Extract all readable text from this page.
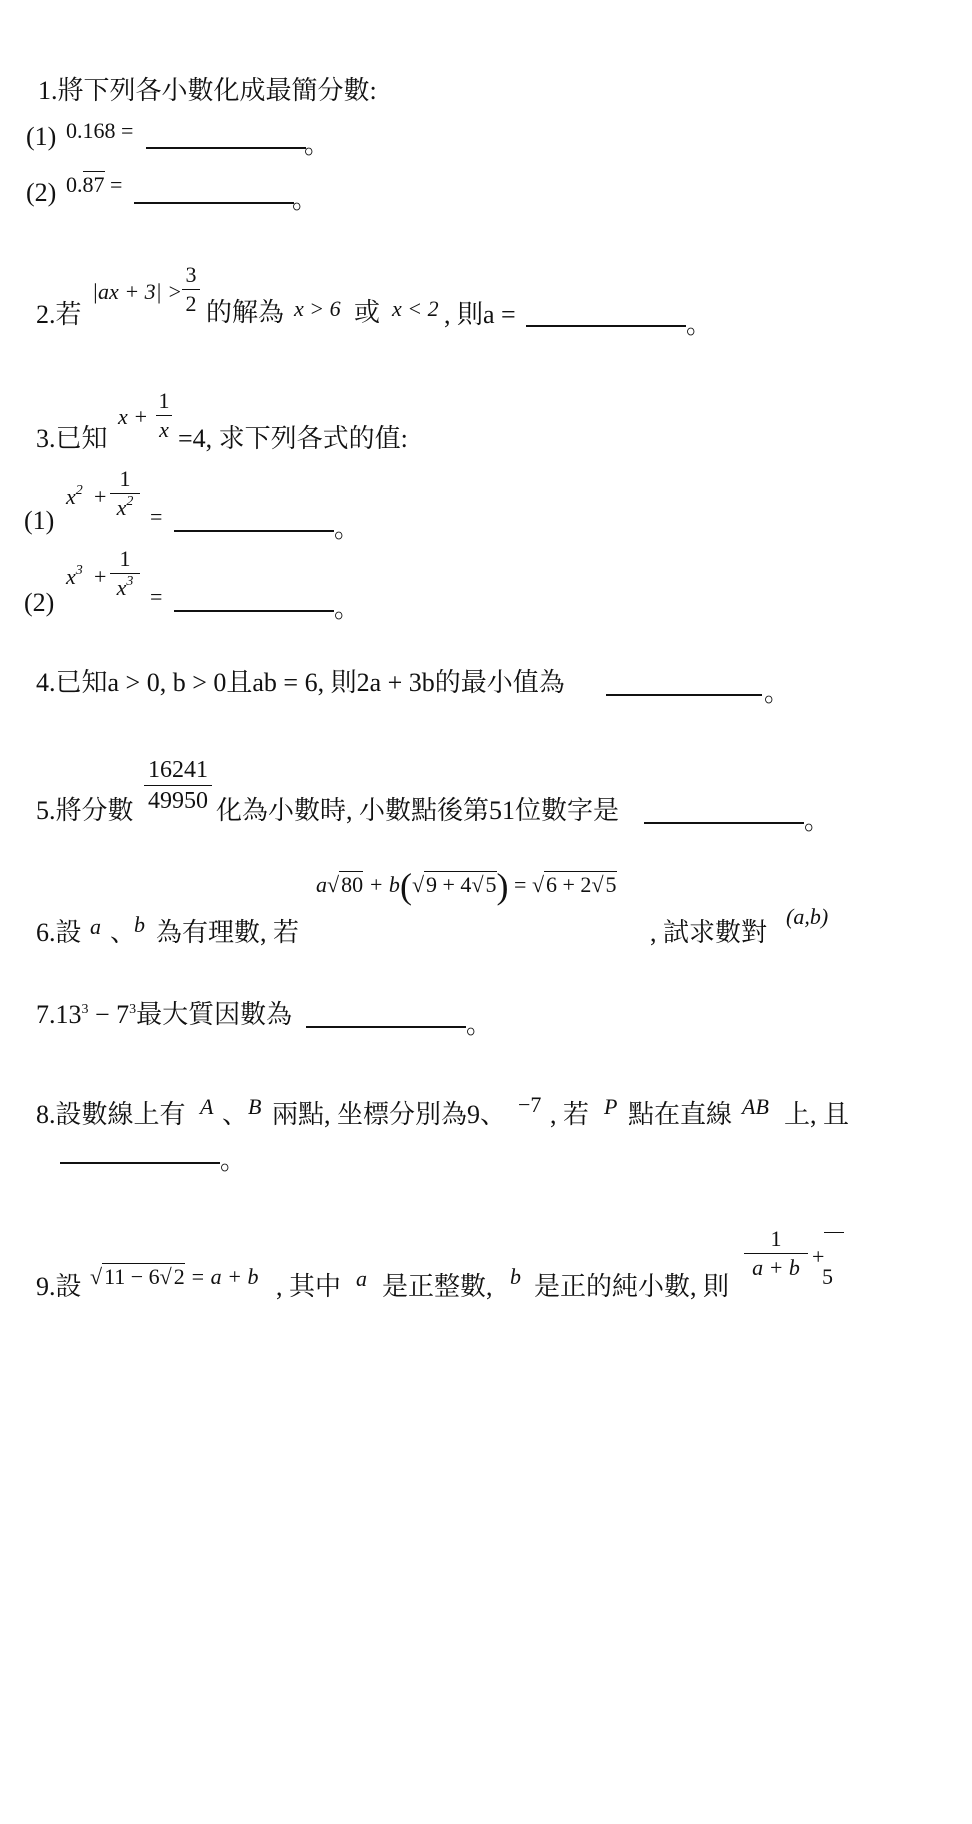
1.將下列各小數化成最簡分數:
(1) 0.168 =	。
(2) 0.87 =
。
2.若
|ax + 3| >
3
2 的解為 x > 6 或 x < 2 , 則a =	。
3.已知
x +
1
x =4, 求下列各式的值:
(1)
$x^2$ +
1
$x^2$
=	。
(2)
$x^3$ +
1
$x^3$
=	。
4.已知a > 0, b > 0且ab = 6, 則2a + 3b的最小值為	。
5.將分數
16241
49950 化為小數時, 小數點後第51位數字是	。
6.設 a 、
b 為有理數, 若
a√80 + b(√9 + 4√5) = √6 + 2√5
, 試求數對
(a,b)
$7.13^3 - 7^3$最大質因數為	。
8.設數線上有 A 、 B 兩點, 坐標分別為9、 −7 , 若 P 點在直線 AB 上, 且
。
9.設 √11 − 6√2 = a + b , 其中 a 是正整數, b 是正的純小數, 則
1
a + b +
5
